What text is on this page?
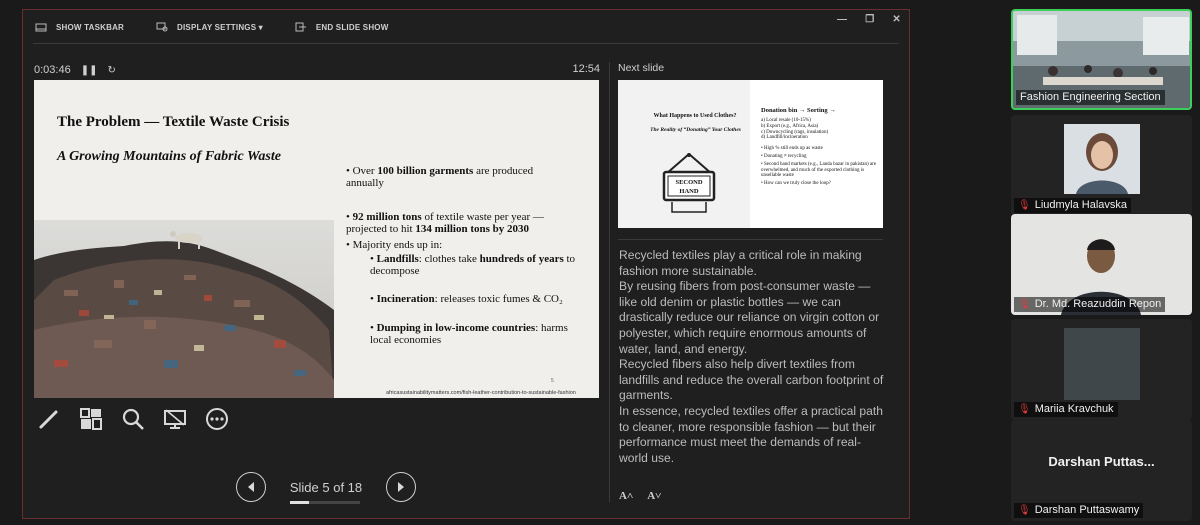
SHOW TASKBAR	DISPLAY SETTINGS ▾	END SLIDE SHOW
— ❐ ✕
0:03:46 ❚❚ ↻	12:54
The Problem — Textile Waste Crisis
A Growing Mountains of Fabric Waste
• Over 100 billion garments are produced annually
• 92 million tons of textile waste per year — projected to hit 134 million tons by 2030
• Majority ends up in:
• Landfills: clothes take hundreds of years to decompose
• Incineration: releases toxic fumes & CO₂
• Dumping in low-income countries: harms local economies
5
africasustainabilitymatters.com/fish-leather-contribution-to-sustainable-fashion
Slide 5 of 18
Next slide
What Happens to Used Clothes?
The Reality of “Donating” Your Clothes
SECOND
HAND
Donation bin → Sorting →
a) Local resale (10-15%)
b) Export (e.g., Africa, Asia)
c) Downcycling (rags, insulation)
d) Landfill/incineration
• High % still ends up as waste
• Donating ≠ recycling
• Second hand markets (e.g., Landa bazar in pakistan) are overwhelmed, and much of the exported clothing is unsellable waste
• How can we truly close the loop?

Recycled textiles play a critical role in making fashion more sustainable.

By reusing fibers from post-consumer waste — like old denim or plastic bottles — we can drastically reduce our reliance on virgin cotton or polyester, which require enormous amounts of water, land, and energy.

Recycled fibers also help divert textiles from landfills and reduce the overall carbon footprint of garments.

In essence, recycled textiles offer a practical path to cleaner, more responsible fashion — but their performance must meet the demands of real-world use.

A˄ A˅
Fashion Engineering Section
🎙︎ Liudmyla Halavska
🎙︎ Dr. Md. Reazuddin Repon
🎙︎ Mariia Kravchuk
Darshan Puttas...
🎙︎ Darshan Puttaswamy
